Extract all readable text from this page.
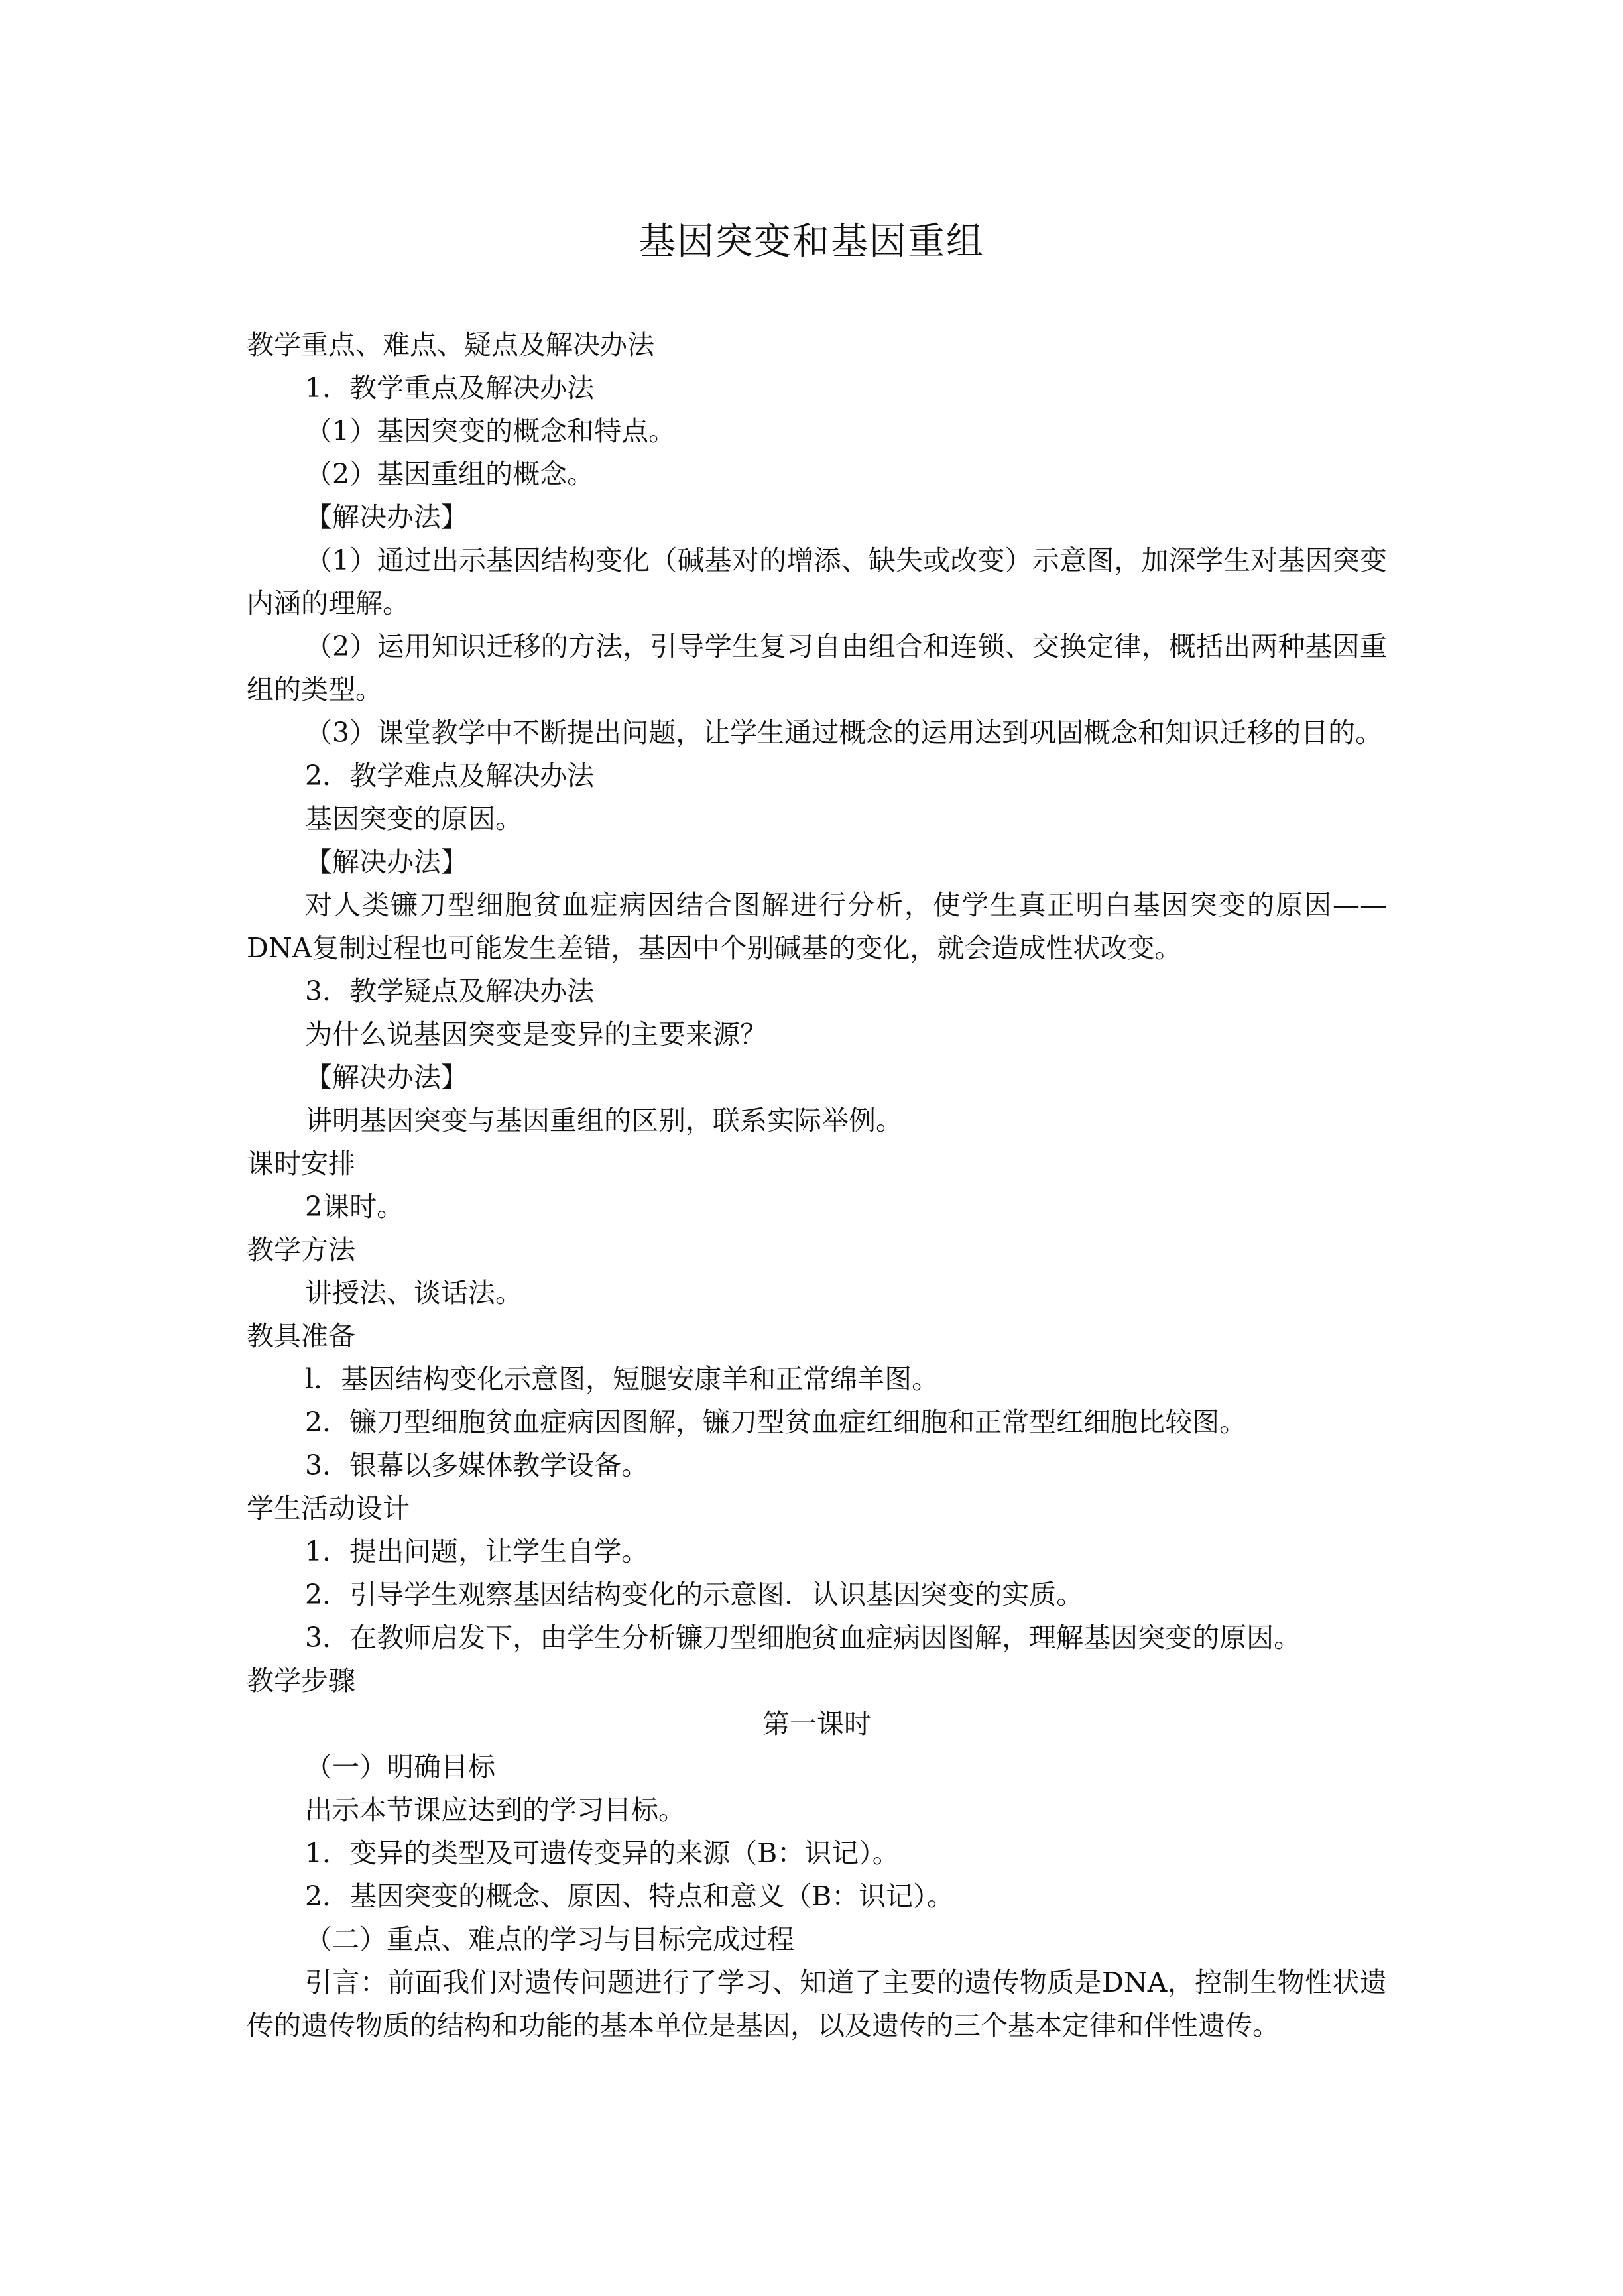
基因突变和基因重组
教学重点、难点、疑点及解决办法
1．教学重点及解决办法
（1）基因突变的概念和特点。
（2）基因重组的概念。
【解决办法】

（1）通过出示基因结构变化（碱基对的增添、缺失或改变）示意图，加深学生对基因突变内涵的理解。

（2）运用知识迁移的方法，引导学生复习自由组合和连锁、交换定律，概括出两种基因重组的类型。

（3）课堂教学中不断提出问题，让学生通过概念的运用达到巩固概念和知识迁移的目的。

2．教学难点及解决办法
基因突变的原因。
【解决办法】

对人类镰刀型细胞贫血症病因结合图解进行分析，使学生真正明白基因突变的原因——DNA复制过程也可能发生差错，基因中个别碱基的变化，就会造成性状改变。

3．教学疑点及解决办法
为什么说基因突变是变异的主要来源？
【解决办法】
讲明基因突变与基因重组的区别，联系实际举例。
课时安排
2课时。
教学方法
讲授法、谈话法。
教具准备
l．基因结构变化示意图，短腿安康羊和正常绵羊图。
2．镰刀型细胞贫血症病因图解，镰刀型贫血症红细胞和正常型红细胞比较图。
3．银幕以多媒体教学设备。
学生活动设计
1．提出问题，让学生自学。
2．引导学生观察基因结构变化的示意图．认识基因突变的实质。
3．在教师启发下，由学生分析镰刀型细胞贫血症病因图解，理解基因突变的原因。
教学步骤
第一课时
（一）明确目标
出示本节课应达到的学习目标。
1．变异的类型及可遗传变异的来源（B：识记）。
2．基因突变的概念、原因、特点和意义（B：识记）。
（二）重点、难点的学习与目标完成过程

引言：前面我们对遗传问题进行了学习、知道了主要的遗传物质是DNA，控制生物性状遗传的遗传物质的结构和功能的基本单位是基因，以及遗传的三个基本定律和伴性遗传。
